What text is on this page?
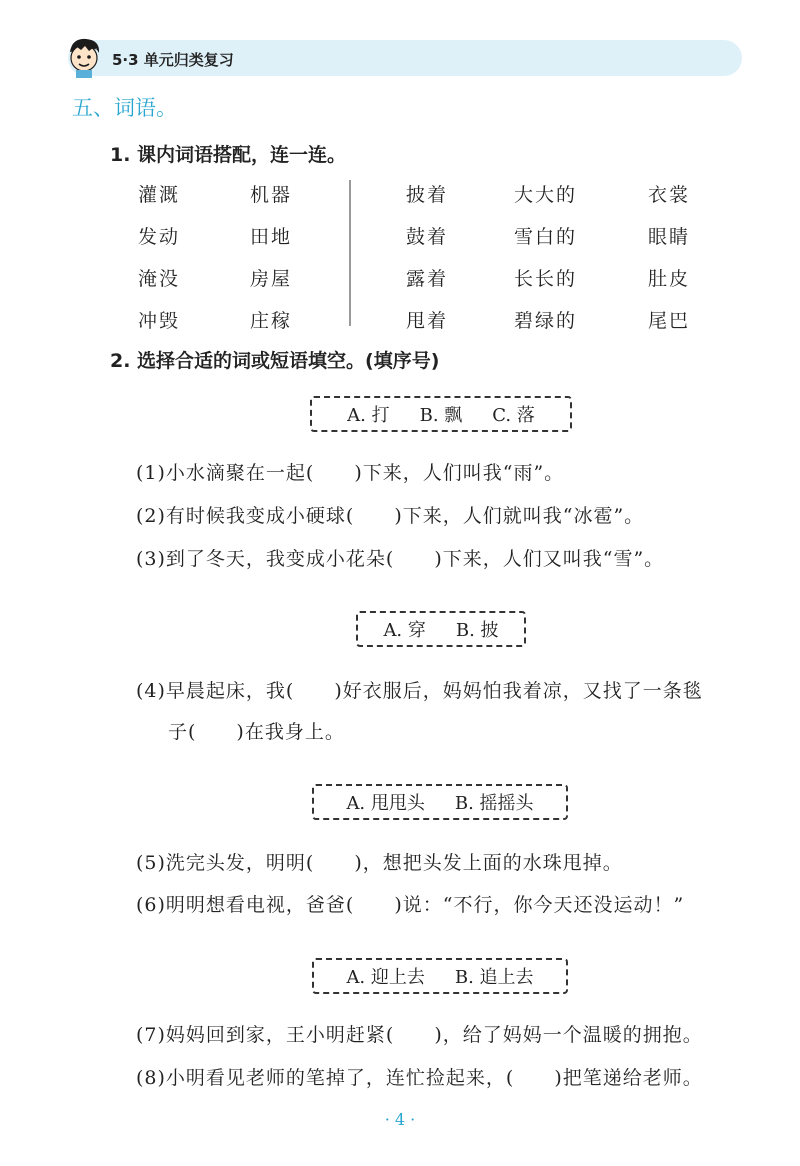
5·3 单元归类复习
五、词语。
1. 课内词语搭配，连一连。
灌溉
发动
淹没
冲毁
机器
田地
房屋
庄稼
披着
鼓着
露着
甩着
大大的
雪白的
长长的
碧绿的
衣裳
眼睛
肚皮
尾巴
2. 选择合适的词或短语填空。(填序号)
A. 打 B. 飘 C. 落
(1)小水滴聚在一起(　　)下来，人们叫我“雨”。
(2)有时候我变成小硬球(　　)下来，人们就叫我“冰雹”。
(3)到了冬天，我变成小花朵(　　)下来，人们又叫我“雪”。
A. 穿 B. 披
(4)早晨起床，我(　　)好衣服后，妈妈怕我着凉，又找了一条毯
子(　　)在我身上。
A. 甩甩头 B. 摇摇头
(5)洗完头发，明明(　　)，想把头发上面的水珠甩掉。
(6)明明想看电视，爸爸(　　)说：“不行，你今天还没运动！”
A. 迎上去 B. 追上去
(7)妈妈回到家，王小明赶紧(　　)，给了妈妈一个温暖的拥抱。
(8)小明看见老师的笔掉了，连忙捡起来，(　　)把笔递给老师。
· 4 ·
